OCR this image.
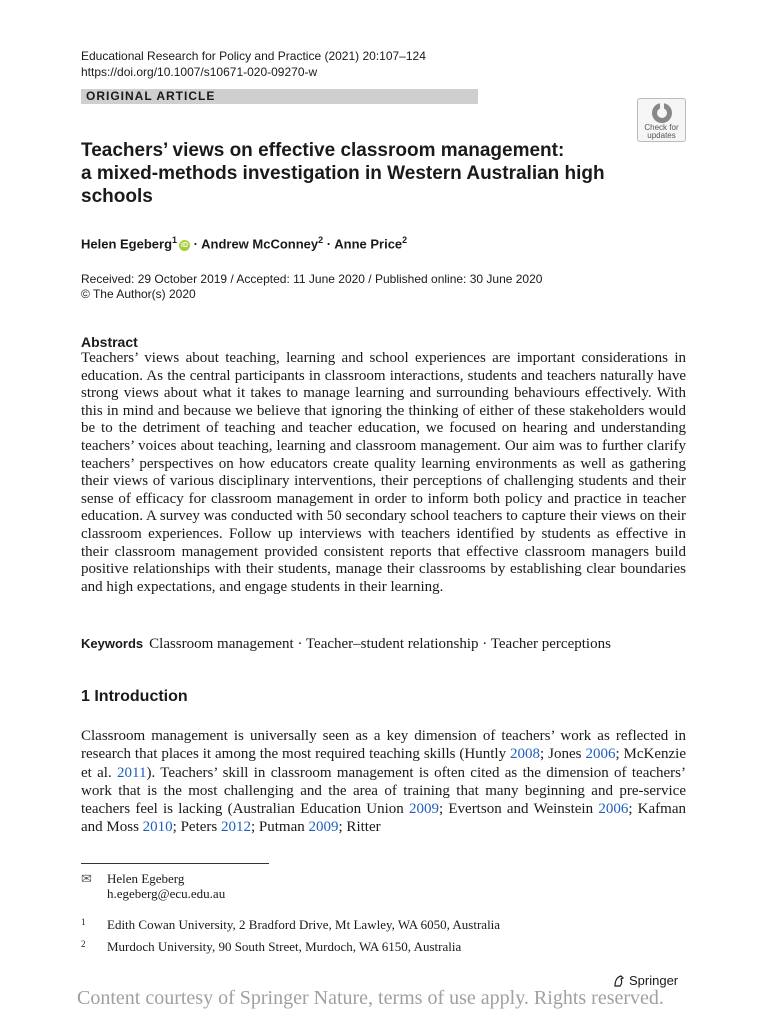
Educational Research for Policy and Practice (2021) 20:107–124
https://doi.org/10.1007/s10671-020-09270-w
ORIGINAL ARTICLE
Check for
updates
Teachers’ views on effective classroom management:
a mixed-methods investigation in Western Australian high
schools
Helen Egeberg$^1$iD · Andrew McConney$^2$ · Anne Price$^2$
Received: 29 October 2019 / Accepted: 11 June 2020 / Published online: 30 June 2020
© The Author(s) 2020
Abstract
Teachers’ views about teaching, learning and school experiences are important considerations in education. As the central participants in classroom interactions, students and teachers naturally have strong views about what it takes to manage learning and surrounding behaviours effectively. With this in mind and because we believe that ignoring the thinking of either of these stakeholders would be to the detriment of teaching and teacher education, we focused on hearing and understanding teachers’ voices about teaching, learning and classroom management. Our aim was to further clarify teachers’ perspectives on how educators create quality learning environments as well as gathering their views of various disciplinary interventions, their perceptions of challenging students and their sense of efficacy for classroom management in order to inform both policy and practice in teacher education. A survey was conducted with 50 secondary school teachers to capture their views on their classroom experiences. Follow up interviews with teachers identified by students as effective in their classroom management provided consistent reports that effective classroom managers build positive relationships with their students, manage their classrooms by establishing clear boundaries and high expectations, and engage students in their learning.
Keywords Classroom management · Teacher–student relationship · Teacher perceptions
1 Introduction
Classroom management is universally seen as a key dimension of teachers’ work as reflected in research that places it among the most required teaching skills (Huntly 2008; Jones 2006; McKenzie et al. 2011). Teachers’ skill in classroom management is often cited as the dimension of teachers’ work that is the most challenging and the area of training that many beginning and pre-service teachers feel is lacking (Australian Education Union 2009; Evertson and Weinstein 2006; Kafman and Moss 2010; Peters 2012; Putman 2009; Ritter
✉ Helen Egeberg
h.egeberg@ecu.edu.au
$^1$ Edith Cowan University, 2 Bradford Drive, Mt Lawley, WA 6050, Australia
$^2$ Murdoch University, 90 South Street, Murdoch, WA 6150, Australia
Springer
Content courtesy of Springer Nature, terms of use apply. Rights reserved.
